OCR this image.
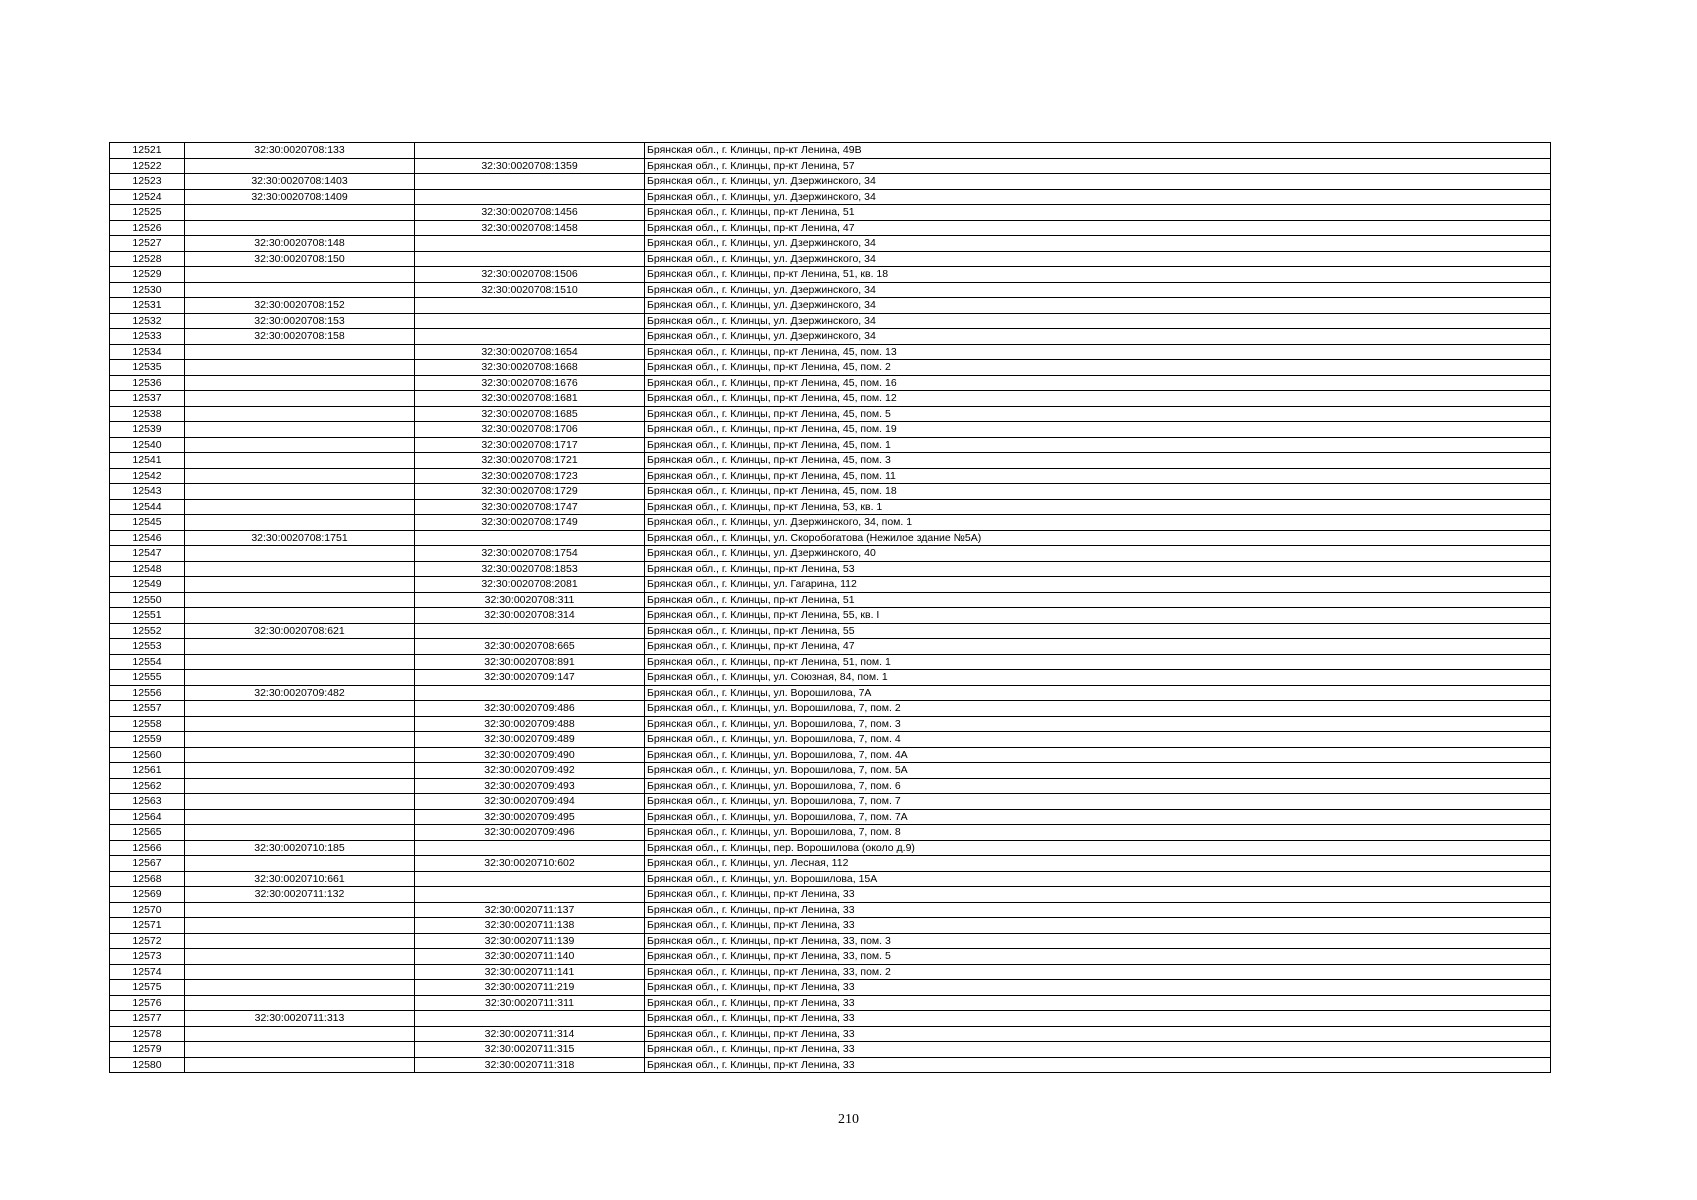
12521	32:30:0020708:133		Брянская обл., г. Клинцы, пр-кт Ленина, 49В
12522		32:30:0020708:1359	Брянская обл., г. Клинцы, пр-кт Ленина, 57
12523	32:30:0020708:1403		Брянская обл., г. Клинцы, ул. Дзержинского, 34
12524	32:30:0020708:1409		Брянская обл., г. Клинцы, ул. Дзержинского, 34
12525		32:30:0020708:1456	Брянская обл., г. Клинцы, пр-кт Ленина, 51
12526		32:30:0020708:1458	Брянская обл., г. Клинцы, пр-кт Ленина, 47
12527	32:30:0020708:148		Брянская обл., г. Клинцы, ул. Дзержинского, 34
12528	32:30:0020708:150		Брянская обл., г. Клинцы, ул. Дзержинского, 34
12529		32:30:0020708:1506	Брянская обл., г. Клинцы, пр-кт Ленина, 51, кв. 18
12530		32:30:0020708:1510	Брянская обл., г. Клинцы, ул. Дзержинского, 34
12531	32:30:0020708:152		Брянская обл., г. Клинцы, ул. Дзержинского, 34
12532	32:30:0020708:153		Брянская обл., г. Клинцы, ул. Дзержинского, 34
12533	32:30:0020708:158		Брянская обл., г. Клинцы, ул. Дзержинского, 34
12534		32:30:0020708:1654	Брянская обл., г. Клинцы, пр-кт Ленина, 45, пом. 13
12535		32:30:0020708:1668	Брянская обл., г. Клинцы, пр-кт Ленина, 45, пом. 2
12536		32:30:0020708:1676	Брянская обл., г. Клинцы, пр-кт Ленина, 45, пом. 16
12537		32:30:0020708:1681	Брянская обл., г. Клинцы, пр-кт Ленина, 45, пом. 12
12538		32:30:0020708:1685	Брянская обл., г. Клинцы, пр-кт Ленина, 45, пом. 5
12539		32:30:0020708:1706	Брянская обл., г. Клинцы, пр-кт Ленина, 45, пом. 19
12540		32:30:0020708:1717	Брянская обл., г. Клинцы, пр-кт Ленина, 45, пом. 1
12541		32:30:0020708:1721	Брянская обл., г. Клинцы, пр-кт Ленина, 45, пом. 3
12542		32:30:0020708:1723	Брянская обл., г. Клинцы, пр-кт Ленина, 45, пом. 11
12543		32:30:0020708:1729	Брянская обл., г. Клинцы, пр-кт Ленина, 45, пом. 18
12544		32:30:0020708:1747	Брянская обл., г. Клинцы, пр-кт Ленина, 53, кв. 1
12545		32:30:0020708:1749	Брянская обл., г. Клинцы, ул. Дзержинского, 34, пом. 1
12546	32:30:0020708:1751		Брянская обл., г. Клинцы, ул. Скоробогатова (Нежилое здание №5А)
12547		32:30:0020708:1754	Брянская обл., г. Клинцы, ул. Дзержинского, 40
12548		32:30:0020708:1853	Брянская обл., г. Клинцы, пр-кт Ленина, 53
12549		32:30:0020708:2081	Брянская обл., г. Клинцы, ул. Гагарина, 112
12550		32:30:0020708:311	Брянская обл., г. Клинцы, пр-кт Ленина, 51
12551		32:30:0020708:314	Брянская обл., г. Клинцы, пр-кт Ленина, 55, кв. I
12552	32:30:0020708:621		Брянская обл., г. Клинцы, пр-кт Ленина, 55
12553		32:30:0020708:665	Брянская обл., г. Клинцы, пр-кт Ленина, 47
12554		32:30:0020708:891	Брянская обл., г. Клинцы, пр-кт Ленина, 51, пом. 1
12555		32:30:0020709:147	Брянская обл., г. Клинцы, ул. Союзная, 84, пом. 1
12556	32:30:0020709:482		Брянская обл., г. Клинцы, ул. Ворошилова, 7А
12557		32:30:0020709:486	Брянская обл., г. Клинцы, ул. Ворошилова, 7, пом. 2
12558		32:30:0020709:488	Брянская обл., г. Клинцы, ул. Ворошилова, 7, пом. 3
12559		32:30:0020709:489	Брянская обл., г. Клинцы, ул. Ворошилова, 7, пом. 4
12560		32:30:0020709:490	Брянская обл., г. Клинцы, ул. Ворошилова, 7, пом. 4А
12561		32:30:0020709:492	Брянская обл., г. Клинцы, ул. Ворошилова, 7, пом. 5А
12562		32:30:0020709:493	Брянская обл., г. Клинцы, ул. Ворошилова, 7, пом. 6
12563		32:30:0020709:494	Брянская обл., г. Клинцы, ул. Ворошилова, 7, пом. 7
12564		32:30:0020709:495	Брянская обл., г. Клинцы, ул. Ворошилова, 7, пом. 7А
12565		32:30:0020709:496	Брянская обл., г. Клинцы, ул. Ворошилова, 7, пом. 8
12566	32:30:0020710:185		Брянская обл., г. Клинцы, пер. Ворошилова (около д.9)
12567		32:30:0020710:602	Брянская обл., г. Клинцы, ул. Лесная, 112
12568	32:30:0020710:661		Брянская обл., г. Клинцы, ул. Ворошилова, 15А
12569	32:30:0020711:132		Брянская обл., г. Клинцы, пр-кт Ленина, 33
12570		32:30:0020711:137	Брянская обл., г. Клинцы, пр-кт Ленина, 33
12571		32:30:0020711:138	Брянская обл., г. Клинцы, пр-кт Ленина, 33
12572		32:30:0020711:139	Брянская обл., г. Клинцы, пр-кт Ленина, 33, пом. 3
12573		32:30:0020711:140	Брянская обл., г. Клинцы, пр-кт Ленина, 33, пом. 5
12574		32:30:0020711:141	Брянская обл., г. Клинцы, пр-кт Ленина, 33, пом. 2
12575		32:30:0020711:219	Брянская обл., г. Клинцы, пр-кт Ленина, 33
12576		32:30:0020711:311	Брянская обл., г. Клинцы, пр-кт Ленина, 33
12577	32:30:0020711:313		Брянская обл., г. Клинцы, пр-кт Ленина, 33
12578		32:30:0020711:314	Брянская обл., г. Клинцы, пр-кт Ленина, 33
12579		32:30:0020711:315	Брянская обл., г. Клинцы, пр-кт Ленина, 33
12580		32:30:0020711:318	Брянская обл., г. Клинцы, пр-кт Ленина, 33
210
